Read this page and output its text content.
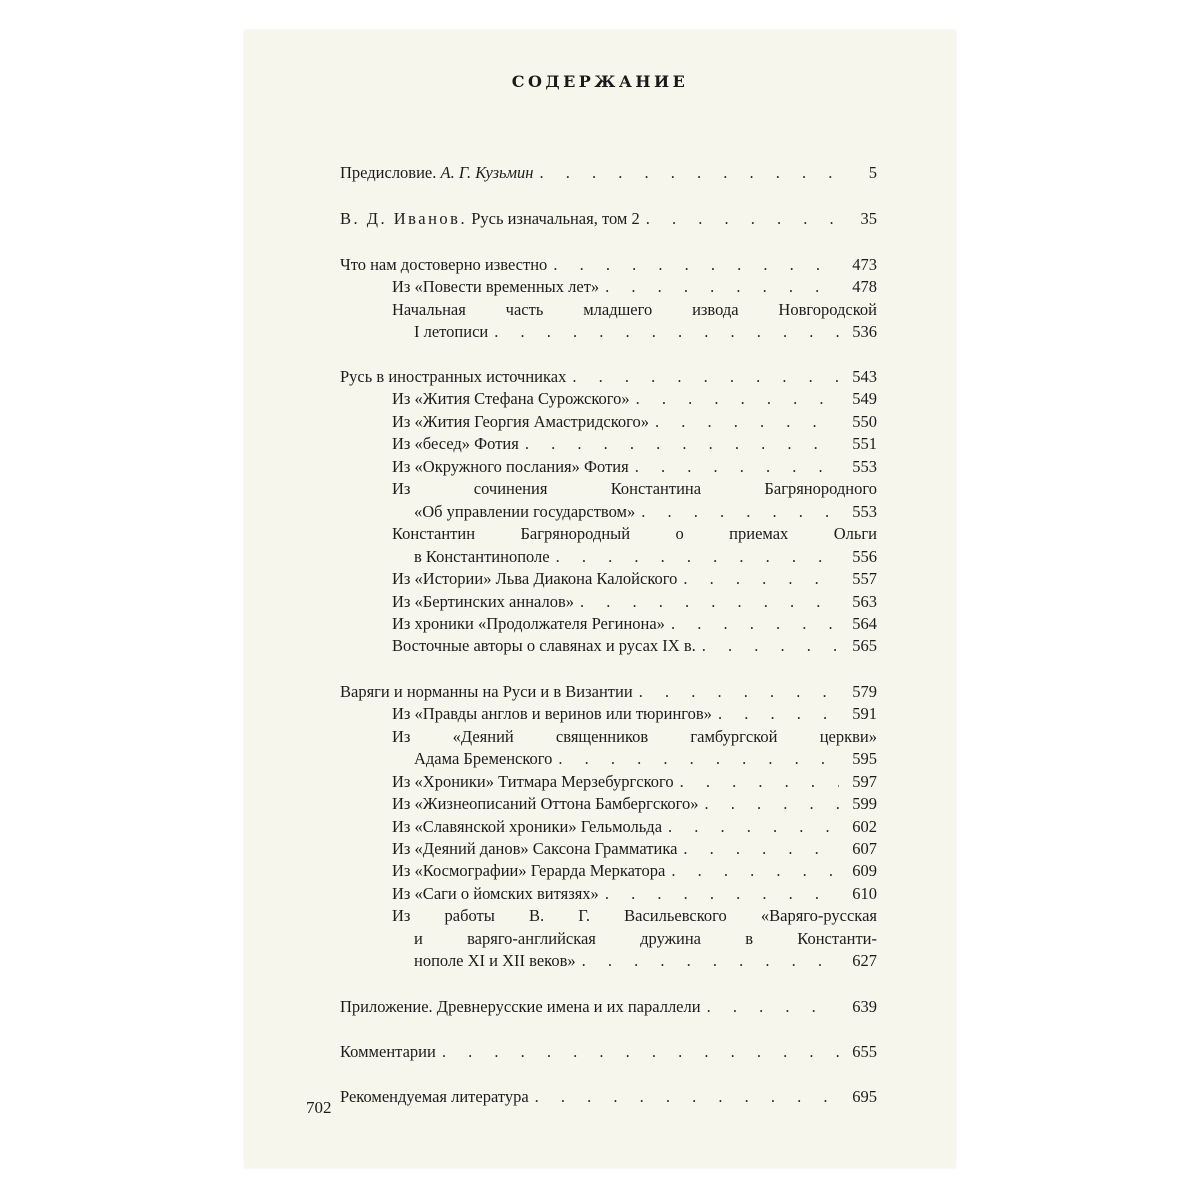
СОДЕРЖАНИЕ
Предисловие. А. Г. Кузьмин . . .	5
В. Д. Иванов. Русь изначальная, том 2 . . .	35
Что нам достоверно известно . . .	473
Из «Повести временных лет» . . .	478
Начальная часть младшего извода Новгородской
I летописи . . .	536
Русь в иностранных источниках . . .	543
Из «Жития Стефана Сурожского» . . .	549
Из «Жития Георгия Амастридского» . . .	550
Из «бесед» Фотия . . .	551
Из «Окружного послания» Фотия . . .	553
Из сочинения Константина Багрянородного
«Об управлении государством» . . .	553
Константин Багрянородный о приемах Ольги
в Константинополе . . .	556
Из «Истории» Льва Диакона Калойского . . .	557
Из «Бертинских анналов» . . .	563
Из хроники «Продолжателя Регинона» . . .	564
Восточные авторы о славянах и русах IX в. . . .	565
Варяги и норманны на Руси и в Византии . . .	579
Из «Правды англов и веринов или тюрингов» . . .	591
Из «Деяний священников гамбургской церкви»
Адама Бременского . . .	595
Из «Хроники» Титмара Мерзебургского . . .	597
Из «Жизнеописаний Оттона Бамбергского» . . .	599
Из «Славянской хроники» Гельмольда . . .	602
Из «Деяний данов» Саксона Грамматика . . .	607
Из «Космографии» Герарда Меркатора . . .	609
Из «Саги о йомских витязях» . . .	610
Из работы В. Г. Васильевского «Варяго-русская
и варяго-английская дружина в Константи-
нополе XI и XII веков» . . .	627
Приложение. Древнерусские имена и их параллели . . .	639
Комментарии . . .	655
Рекомендуемая литература . . .	695
702
